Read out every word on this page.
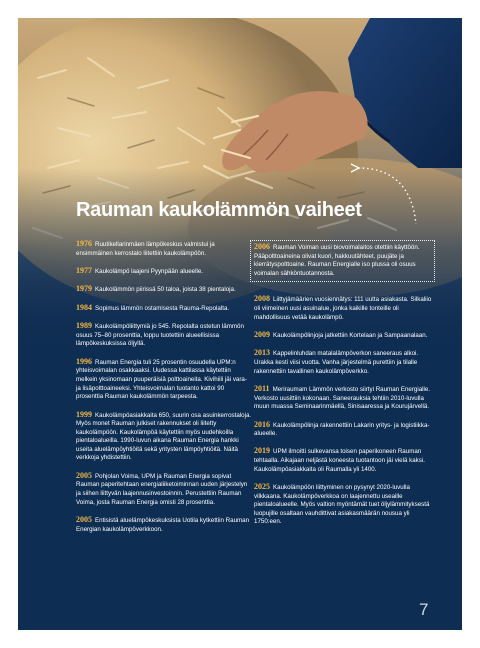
Rauman kaukolämmön vaiheet

1976 Ruutikellarinmäen lämpökeskus valmistui ja ensimmäinen kerrostalo liitettiin kaukolämpöön.

1977 Kaukolämpö laajeni Pyynpään alueelle.

1979 Kaukolämmön piirissä 50 taloa, joista 38 pientaloja.

1984 Sopimus lämmön ostamisesta Rauma-Repolalta.

1989 Kaukolämpöliittymiä jo 545. Repolalta ostetun lämmön osuus 75–80 prosenttia, loppu tuotettiin alueellisissa lämpökeskuksissa öljyllä.

1996 Rauman Energia tuli 25 prosentin osuudella UPM:n yhteisvoimalan osakkaaksi. Uudessa kattilassa käytettiin melkein yksinomaan puuperäisiä polttoaineita. Kivihiili jäi vara- ja lisäpolttoaineeksi. Yhteisvoimalan tuotanto kattoi 90 prosenttia Rauman kaukolämmön tarpeesta.

1999 Kaukolämpöasiakkaita 650, suurin osa asuinkerrostaloja. Myös monet Rauman julkiset rakennukset oli liitetty kaukolämpöön. Kaukolämpöä käytettiin myös uudehkoilla pientaloalueilla. 1990-luvun aikana Rauman Energia hankki useita aluelämpöyhtiöitä sekä yritysten lämpöyhtiöitä. Näitä verkkoja yhdistettiin.

2005 Pohjolan Voima, UPM ja Rauman Energia sopivat Rauman paperitehtaan energialiiketoiminnan uuden järjestelyn ja siihen liittyvän laajennusinvestoinnin. Perustettiin Rauman Voima, josta Rauman Energia omisti 28 prosenttia.

2005 Entisistä aluelämpökeskuksista Uotila kytkettiin Rauman Energian kaukolämpöverkkoon.

2006 Rauman Voiman uusi biovoimalaitos otettiin käyttöön. Pääpolttoaineina olivat kuori, hakkuutähteet, puujäte ja kierrätyspolttoaine. Rauman Energialle iso plussa oli osuus voimalan sähköntuotannosta.

2008 Liittyjämäärien vuosiennätys: 111 uutta asiakasta. Silkaliio oli viimeinen uusi asuinalue, jonka kaikille tonteille oli mahdollisuus vetää kaukolämpö.

2009 Kaukolämpölinjoja jatkettiin Kortelaan ja Sampaanalaan.

2013 Kappelinluhdan matalalämpöverkon saneeraus alkoi. Urakka kesti viisi vuotta. Vanha järjestelmä purettiin ja tilalle rakennettiin tavallinen kaukolämpöverkko.

2011 Meriraumam Lämmön verkosto siirtyi Rauman Energialle. Verkosto uusittiin kokonaan. Saneerauksia tehtiin 2010-luvulla muun muassa Seminaarinmäellä, Sinisaaressa ja Kourujärvellä.

2016 Kaukolämpölinja rakennettiin Lakarin yritys- ja logistiikka-alueelle.

2019 UPM ilmoitti sulkevansa toisen paperikoneen Rauman tehtaalla. Aikajaan neljästä koneesta tuotantoon jäi vielä kaksi. Kaukolämpöasiakkaita oli Raumalla yli 1400.

2025 Kaukolämpöön liittyminen on pysynyt 2020-luvulla vilkkaana. Kaukolämpöverkkoa on laajennettu useaille pientaloalueelle. Myös valtion myöntämät tuet öljylämmityksestä luopujille osaltaan vauhdittivat asiakasmäärän nousua yli 1750:een.

7
